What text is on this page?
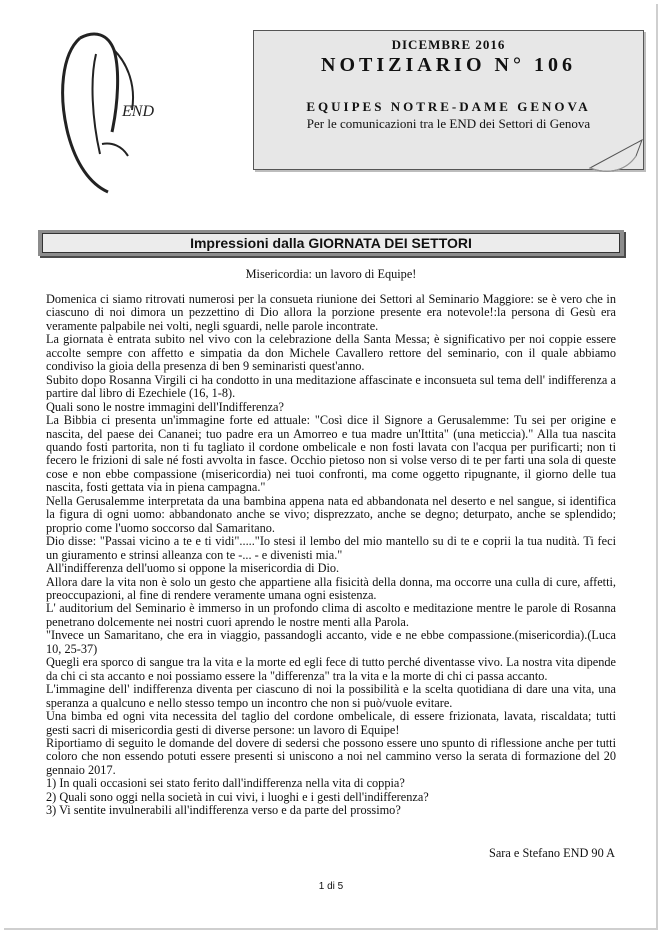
END
DICEMBRE 2016
NOTIZIARIO N° 106
EQUIPES NOTRE-DAME GENOVA
Per le comunicazioni tra le END dei Settori di Genova
Impressioni dalla GIORNATA DEI SETTORI
Misericordia: un lavoro di Equipe!

Domenica ci siamo ritrovati numerosi per la consueta riunione dei Settori al Seminario Maggiore: se è vero che in ciascuno di noi dimora un pezzettino di Dio allora la porzione presente era notevole!:la persona di Gesù era veramente palpabile nei volti, negli sguardi, nelle parole incontrate.

La giornata è entrata subito nel vivo con la celebrazione della Santa Messa; è significativo per noi coppie essere accolte sempre con affetto e simpatia da don Michele Cavallero rettore del seminario, con il quale abbiamo condiviso la gioia della presenza di ben 9 seminaristi quest'anno.

Subito dopo Rosanna Virgili ci ha condotto in una meditazione affascinate e inconsueta sul tema dell' indifferenza a partire dal libro di Ezechiele (16, 1-8).

Quali sono le nostre immagini dell'Indifferenza?

La Bibbia ci presenta un'immagine forte ed attuale: "Così dice il Signore a Gerusalemme: Tu sei per origine e nascita, del paese dei Cananei; tuo padre era un Amorreo e tua madre un'Ittita" (una meticcia)." Alla tua nascita quando fosti partorita, non ti fu tagliato il cordone ombelicale e non fosti lavata con l'acqua per purificarti; non ti fecero le frizioni di sale né fosti avvolta in fasce. Occhio pietoso non si volse verso di te per farti una sola di queste cose e non ebbe compassione (misericordia) nei tuoi confronti, ma come oggetto ripugnante, il giorno delle tua nascita, fosti gettata via in piena campagna."

Nella Gerusalemme interpretata da una bambina appena nata ed abbandonata nel deserto e nel sangue, si identifica la figura di ogni uomo: abbandonato anche se vivo; disprezzato, anche se degno; deturpato, anche se splendido; proprio come l'uomo soccorso dal Samaritano.

Dio disse: "Passai vicino a te e ti vidi"....."Io stesi il lembo del mio mantello su di te e coprii la tua nudità. Ti feci un giuramento e strinsi alleanza con te -... - e divenisti mia."

All'indifferenza dell'uomo si oppone la misericordia di Dio.

Allora dare la vita non è solo un gesto che appartiene alla fisicità della donna, ma occorre una culla di cure, affetti, preoccupazioni, al fine di rendere veramente umana ogni esistenza.

L' auditorium del Seminario è immerso in un profondo clima di ascolto e meditazione mentre le parole di Rosanna penetrano dolcemente nei nostri cuori aprendo le nostre menti alla Parola.

"Invece un Samaritano, che era in viaggio, passandogli accanto, vide e ne ebbe compassione.(misericordia).(Luca 10, 25-37)

Quegli era sporco di sangue tra la vita e la morte ed egli fece di tutto perché diventasse vivo. La nostra vita dipende da chi ci sta accanto e noi possiamo essere la "differenza" tra la vita e la morte di chi ci passa accanto.

L'immagine dell' indifferenza diventa per ciascuno di noi la possibilità e la scelta quotidiana di dare una vita, una speranza a qualcuno e nello stesso tempo un incontro che non si può/vuole evitare.

Una bimba ed ogni vita necessita del taglio del cordone ombelicale, di essere frizionata, lavata, riscaldata; tutti gesti sacri di misericordia gesti di diverse persone: un lavoro di Equipe!

Riportiamo di seguito le domande del dovere di sedersi che possono essere uno spunto di riflessione anche per tutti coloro che non essendo potuti essere presenti si uniscono a noi nel cammino verso la serata di formazione del 20 gennaio 2017.

1) In quali occasioni sei stato ferito dall'indifferenza nella vita di coppia?

2) Quali sono oggi nella società in cui vivi, i luoghi e i gesti dell'indifferenza?

3) Vi sentite invulnerabili all'indifferenza verso e da parte del prossimo?

Sara e Stefano END 90 A
1 di 5
